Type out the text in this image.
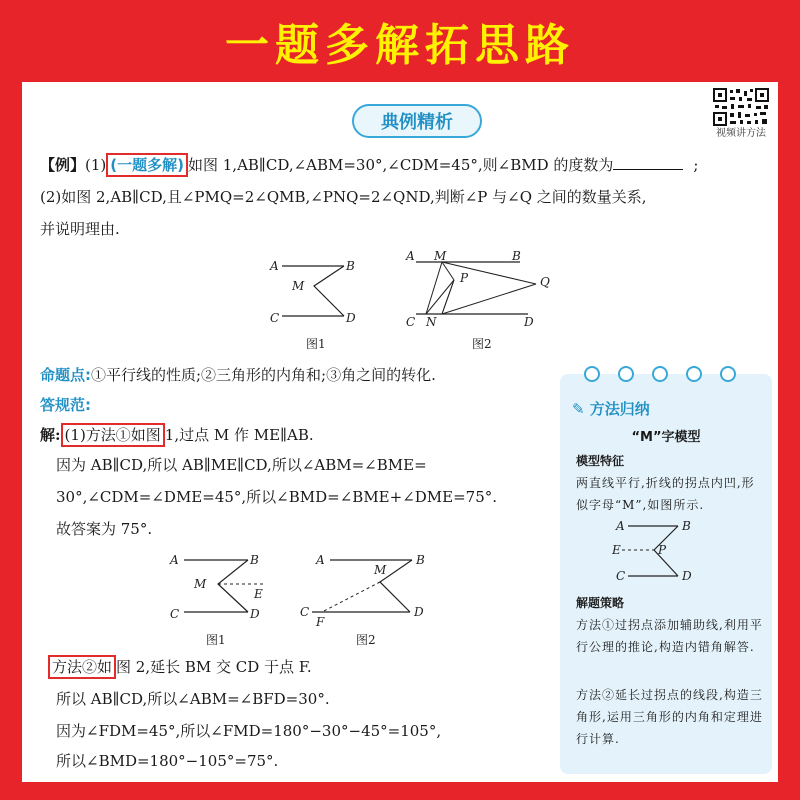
一题多解拓思路
典例精析
视频讲方法
【例】(1) (一题多解) 如图 1,AB∥CD,∠ABM=30°,∠CDM=45°,则∠BMD 的度数为	;
(2)如图 2,AB∥CD,且∠PMQ=2∠QMB,∠PNQ=2∠QND,判断∠P 与∠Q 之间的数量关系,
并说明理由.
A	B
M
C	D
图1
A M	B
P	Q
C N	D
图2
命题点:①平行线的性质;②三角形的内角和;③角之间的转化.
答规范:
解: (1)方法①如图 1,过点 M 作 ME∥AB.
因为 AB∥CD,所以 AB∥ME∥CD,所以∠ABM=∠BME=
30°,∠CDM=∠DME=45°,所以∠BMD=∠BME+∠DME=75°.
故答案为 75°.
A	B
M
E
C	D
图1
A	B
M
C
F
D
图2
方法②如 图 2,延长 BM 交 CD 于点 F.
所以 AB∥CD,所以∠ABM=∠BFD=30°.
因为∠FDM=45°,所以∠FMD=180°−30°−45°=105°,
所以∠BMD=180°−105°=75°.
✎ 方法归纳
“M”字模型
模型特征
两直线平行,折线的拐点内凹,形似字母“M”,如图所示.
A	B
E	P
C	D
解题策略
方法①过拐点添加辅助线,利用平行公理的推论,构造内错角解答.
方法②延长过拐点的线段,构造三角形,运用三角形的内角和定理进行计算.
